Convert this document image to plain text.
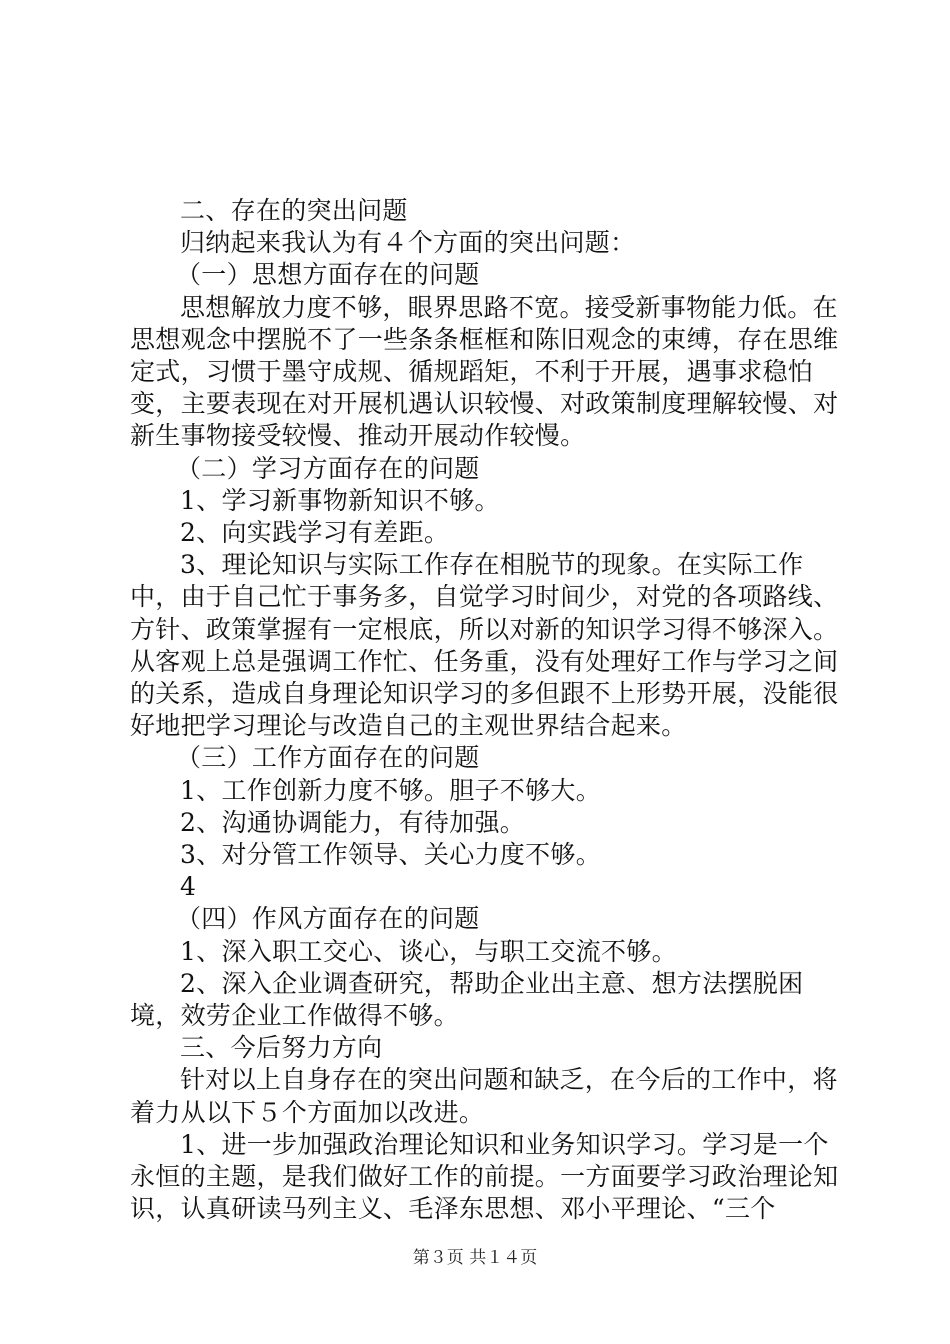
二、存在的突出问题

归纳起来我认为有４个方面的突出问题：

（一）思想方面存在的问题

思想解放力度不够，眼界思路不宽。接受新事物能力低。在思想观念中摆脱不了一些条条框框和陈旧观念的束缚，存在思维定式，习惯于墨守成规、循规蹈矩，不利于开展，遇事求稳怕变，主要表现在对开展机遇认识较慢、对政策制度理解较慢、对新生事物接受较慢、推动开展动作较慢。

（二）学习方面存在的问题

1、学习新事物新知识不够。

2、向实践学习有差距。

3、理论知识与实际工作存在相脱节的现象。在实际工作中，由于自己忙于事务多，自觉学习时间少，对党的各项路线、方针、政策掌握有一定根底，所以对新的知识学习得不够深入。从客观上总是强调工作忙、任务重，没有处理好工作与学习之间的关系，造成自身理论知识学习的多但跟不上形势开展，没能很好地把学习理论与改造自己的主观世界结合起来。

（三）工作方面存在的问题

1、工作创新力度不够。胆子不够大。

2、沟通协调能力，有待加强。

3、对分管工作领导、关心力度不够。

4

（四）作风方面存在的问题

1、深入职工交心、谈心，与职工交流不够。

2、深入企业调查研究，帮助企业出主意、想方法摆脱困境，效劳企业工作做得不够。

三、今后努力方向

针对以上自身存在的突出问题和缺乏，在今后的工作中，将着力从以下５个方面加以改进。

1、进一步加强政治理论知识和业务知识学习。学习是一个永恒的主题，是我们做好工作的前提。一方面要学习政治理论知识，认真研读马列主义、毛泽东思想、邓小平理论、“三个

第３页 共１４页
